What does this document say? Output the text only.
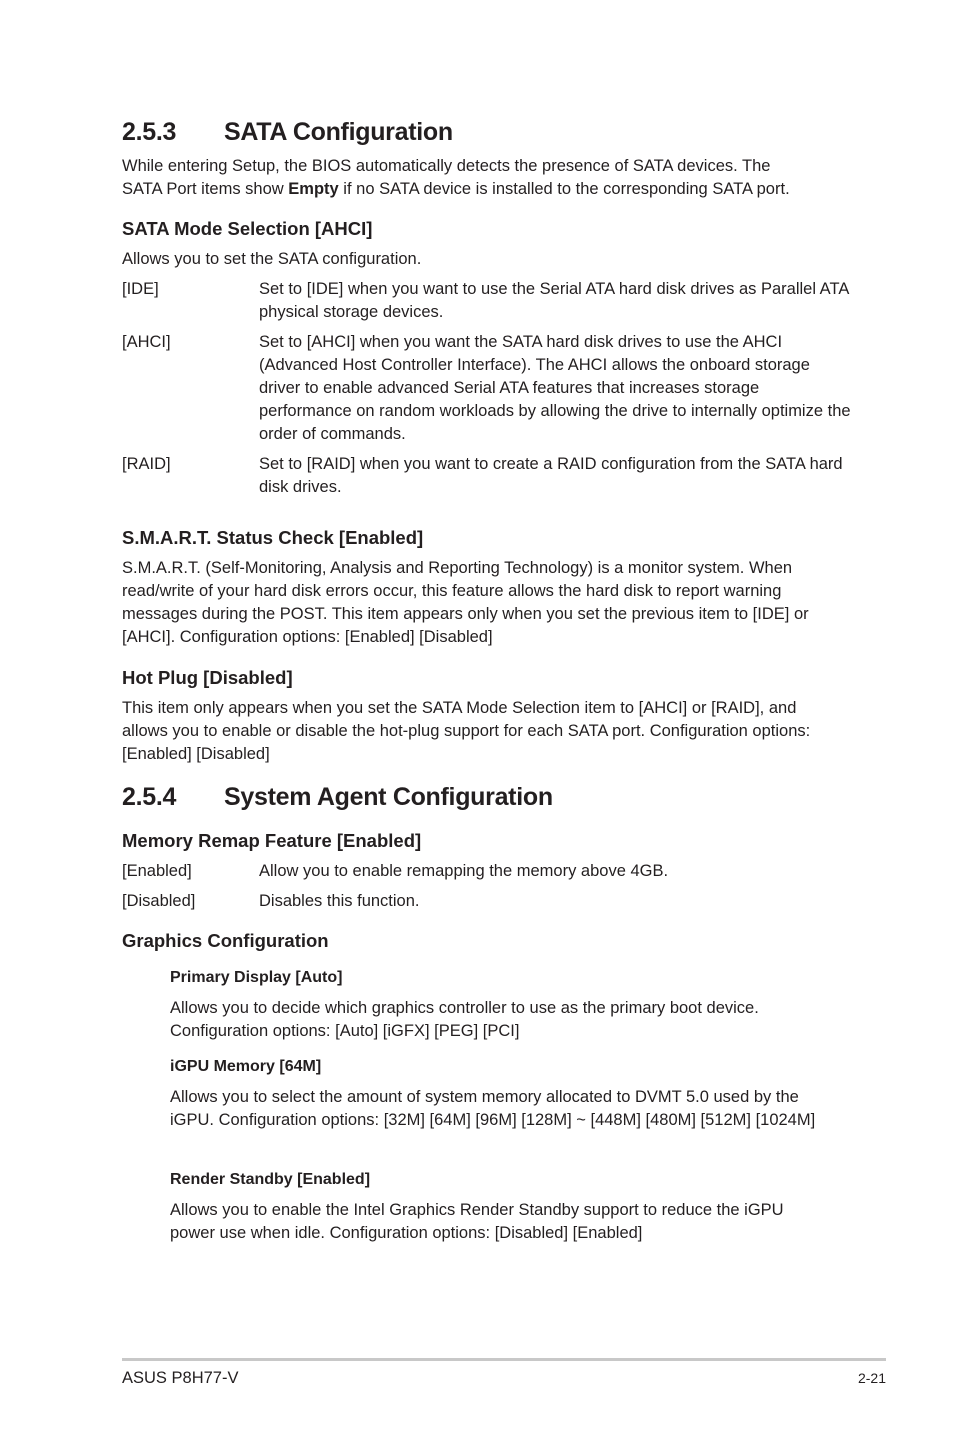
2.5.3 SATA Configuration

While entering Setup, the BIOS automatically detects the presence of SATA devices. The
SATA Port items show Empty if no SATA device is installed to the corresponding SATA port.

SATA Mode Selection [AHCI]

Allows you to set the SATA configuration.

[IDE]	Set to [IDE] when you want to use the Serial ATA hard disk drives as Parallel ATA physical storage devices.
[AHCI]	Set to [AHCI] when you want the SATA hard disk drives to use the AHCI (Advanced Host Controller Interface). The AHCI allows the onboard storage driver to enable advanced Serial ATA features that increases storage performance on random workloads by allowing the drive to internally optimize the order of commands.
[RAID]	Set to [RAID] when you want to create a RAID configuration from the SATA hard disk drives.
S.M.A.R.T. Status Check [Enabled]

S.M.A.R.T. (Self-Monitoring, Analysis and Reporting Technology) is a monitor system. When read/write of your hard disk errors occur, this feature allows the hard disk to report warning messages during the POST. This item appears only when you set the previous item to [IDE] or [AHCI]. Configuration options: [Enabled] [Disabled]

Hot Plug [Disabled]

This item only appears when you set the SATA Mode Selection item to [AHCI] or [RAID], and allows you to enable or disable the hot-plug support for each SATA port. Configuration options: [Enabled] [Disabled]

2.5.4 System Agent Configuration
Memory Remap Feature [Enabled]
[Enabled]	Allow you to enable remapping the memory above 4GB.
[Disabled]	Disables this function.
Graphics Configuration
Primary Display [Auto]

Allows you to decide which graphics controller to use as the primary boot device. Configuration options: [Auto] [iGFX] [PEG] [PCI]

iGPU Memory [64M]

Allows you to select the amount of system memory allocated to DVMT 5.0 used by the iGPU. Configuration options: [32M] [64M] [96M] [128M] ~ [448M] [480M] [512M] [1024M]

Render Standby [Enabled]

Allows you to enable the Intel Graphics Render Standby support to reduce the iGPU power use when idle. Configuration options: [Disabled] [Enabled]

ASUS P8H77-V	2-21
